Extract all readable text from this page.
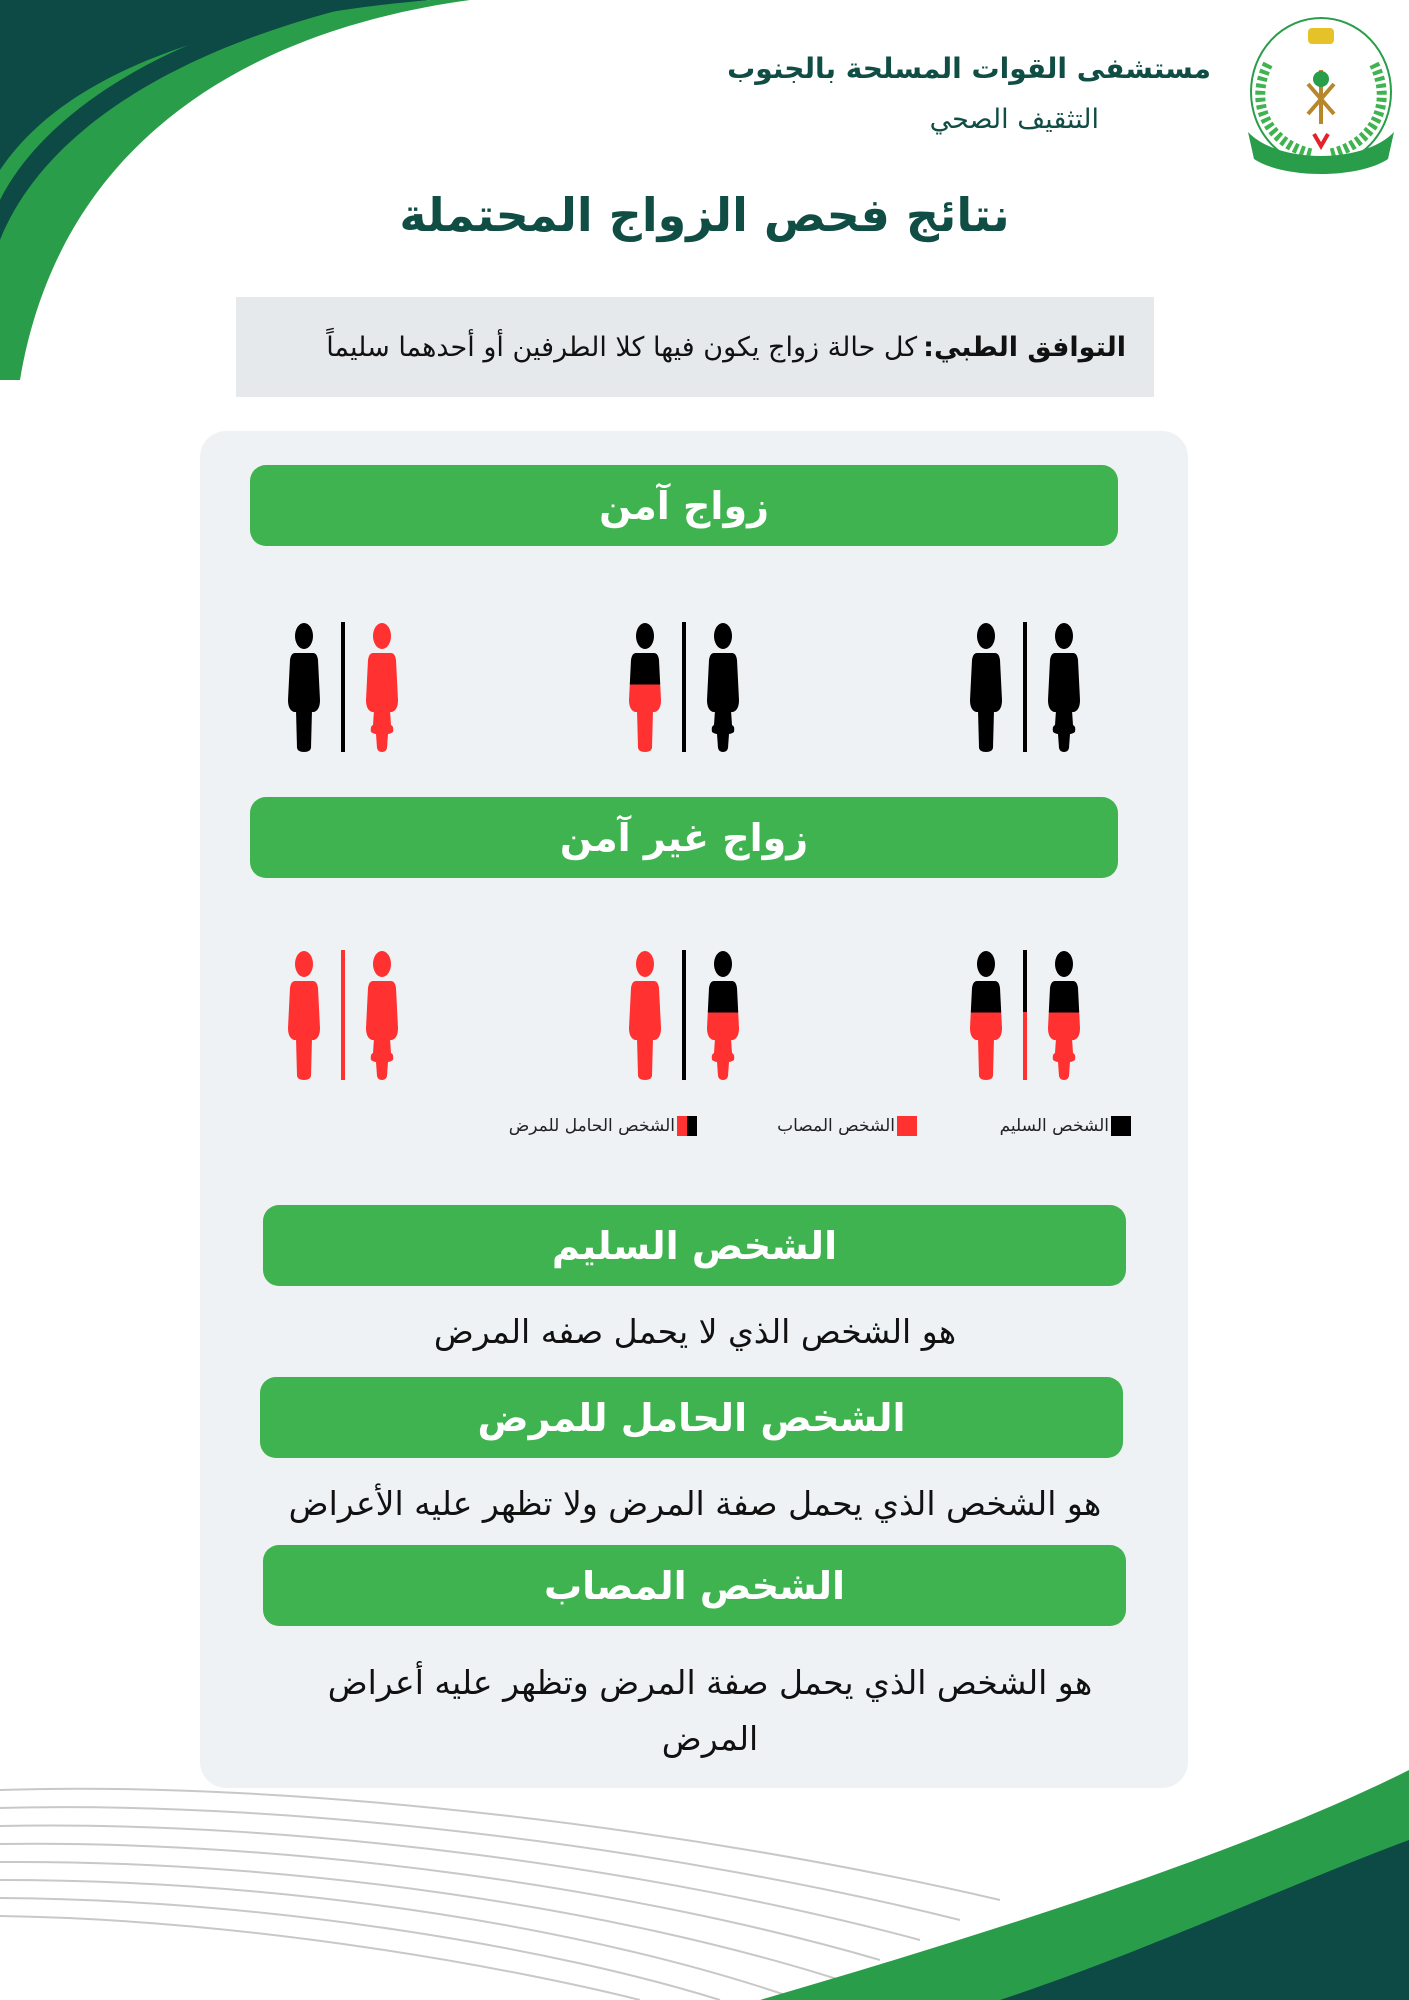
مستشفى القوات المسلحة بالجنوب
التثقيف الصحي
نتائج فحص الزواج المحتملة
التوافق الطبي:
كل حالة زواج يكون فيها كلا الطرفين أو أحدهما سليماً
زواج آمن
زواج غير آمن
الشخص السليم
الشخص المصاب
الشخص الحامل للمرض
الشخص السليم
هو الشخص الذي لا يحمل صفه المرض
الشخص الحامل للمرض
هو الشخص الذي يحمل صفة المرض ولا تظهر عليه الأعراض
الشخص المصاب
هو الشخص الذي يحمل صفة المرض وتظهر عليه أعراض المرض
